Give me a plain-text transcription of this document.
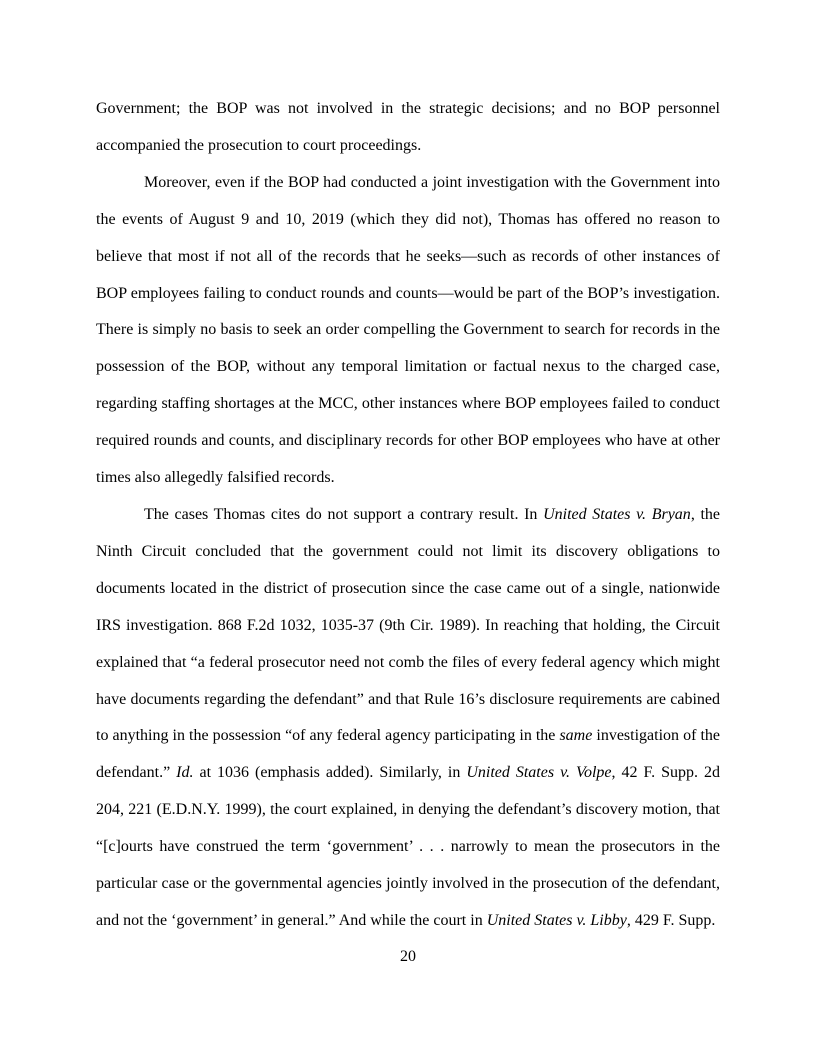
Government; the BOP was not involved in the strategic decisions; and no BOP personnel accompanied the prosecution to court proceedings.

Moreover, even if the BOP had conducted a joint investigation with the Government into the events of August 9 and 10, 2019 (which they did not), Thomas has offered no reason to believe that most if not all of the records that he seeks—such as records of other instances of BOP employees failing to conduct rounds and counts—would be part of the BOP’s investigation. There is simply no basis to seek an order compelling the Government to search for records in the possession of the BOP, without any temporal limitation or factual nexus to the charged case, regarding staffing shortages at the MCC, other instances where BOP employees failed to conduct required rounds and counts, and disciplinary records for other BOP employees who have at other times also allegedly falsified records.

The cases Thomas cites do not support a contrary result. In United States v. Bryan, the Ninth Circuit concluded that the government could not limit its discovery obligations to documents located in the district of prosecution since the case came out of a single, nationwide IRS investigation. 868 F.2d 1032, 1035-37 (9th Cir. 1989). In reaching that holding, the Circuit explained that “a federal prosecutor need not comb the files of every federal agency which might have documents regarding the defendant” and that Rule 16’s disclosure requirements are cabined to anything in the possession “of any federal agency participating in the same investigation of the defendant.” Id. at 1036 (emphasis added). Similarly, in United States v. Volpe, 42 F. Supp. 2d 204, 221 (E.D.N.Y. 1999), the court explained, in denying the defendant’s discovery motion, that “[c]ourts have construed the term ‘government’ . . . narrowly to mean the prosecutors in the particular case or the governmental agencies jointly involved in the prosecution of the defendant, and not the ‘government’ in general.” And while the court in United States v. Libby, 429 F. Supp.

20
